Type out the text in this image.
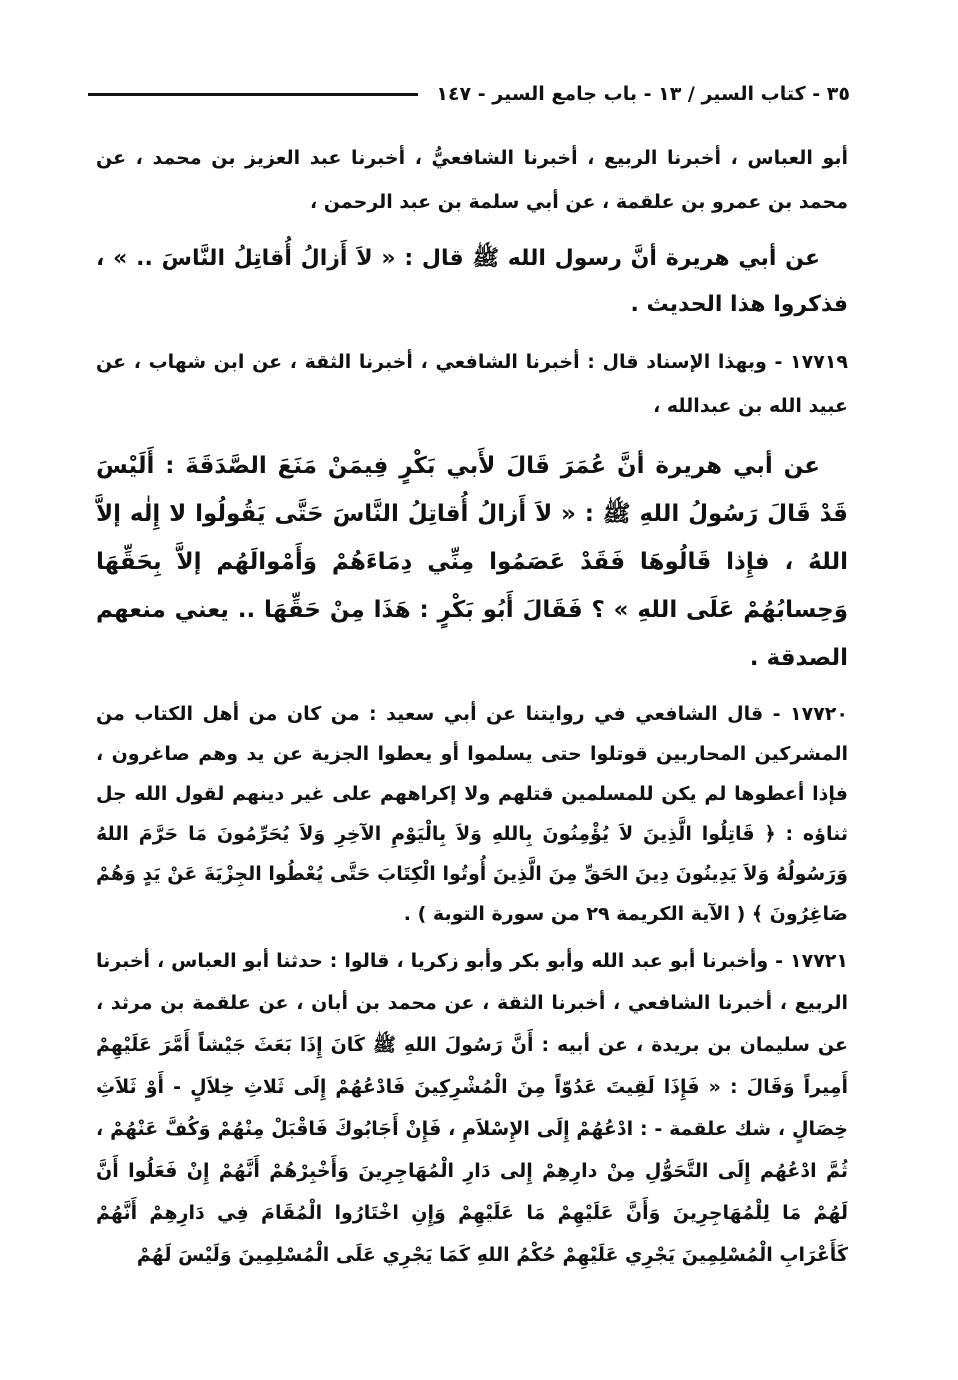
٣٥ - كتاب السير / ١٣ - باب جامع السير - ١٤٧

أبو العباس ، أخبرنا الربيع ، أخبرنا الشافعيُّ ، أخبرنا عبد العزيز بن محمد ، عن محمد بن عمرو بن علقمة ، عن أبي سلمة بن عبد الرحمن ،

عن أبي هريرة أنَّ رسول الله ﷺ قال : « لاَ أَزالُ أُقاتِلُ النَّاسَ .. » ، فذكروا هذا الحديث .

١٧٧١٩ - وبهذا الإسناد قال : أخبرنا الشافعي ، أخبرنا الثقة ، عن ابن شهاب ، عن عبيد الله بن عبدالله ،

عن أبي هريرة أنَّ عُمَرَ قَالَ لأَبي بَكْرٍ فِيمَنْ مَنَعَ الصَّدَقَةَ : أَلَيْسَ قَدْ قَالَ رَسُولُ اللهِ ﷺ : « لاَ أَزالُ أُقاتِلُ النَّاسَ حَتَّى يَقُولُوا لا إِلٰه إلاَّ اللهُ ، فإِذا قَالُوهَا فَقَدْ عَصَمُوا مِنِّي دِمَاءَهُمْ وَأَمْوالَهُم إلاَّ بِحَقِّهَا وَحِسابُهُمْ عَلَى اللهِ » ؟ فَقَالَ أَبُو بَكْرٍ : هَذَا مِنْ حَقِّهَا .. يعني منعهم الصدقة .

١٧٧٢٠ - قال الشافعي في روايتنا عن أبي سعيد : من كان من أهل الكتاب من المشركين المحاربين قوتلوا حتى يسلموا أو يعطوا الجزية عن يد وهم صاغرون ، فإذا أعطوها لم يكن للمسلمين قتلهم ولا إكراههم على غير دينهم لقول الله جل ثناؤه : ﴿ قَاتِلُوا الَّذِينَ لاَ يُؤْمِنُونَ بِاللهِ وَلاَ بِالْيَوْمِ الآخِرِ وَلاَ يُحَرِّمُونَ مَا حَرَّمَ اللهُ وَرَسُولُهُ وَلاَ يَدِينُونَ دِينَ الحَقِّ مِنَ الَّذِينَ أُوتُوا الْكِتَابَ حَتَّى يُعْطُوا الجِزْيَةَ عَنْ يَدٍ وَهُمْ صَاغِرُونَ ﴾ ( الآية الكريمة ٢٩ من سورة التوبة ) .

١٧٧٢١ - وأخبرنا أبو عبد الله وأبو بكر وأبو زكريا ، قالوا : حدثنا أبو العباس ، أخبرنا الربيع ، أخبرنا الشافعي ، أخبرنا الثقة ، عن محمد بن أبان ، عن علقمة بن مرثد ، عن سليمان بن بريدة ، عن أبيه : أَنَّ رَسُولَ اللهِ ﷺ كَانَ إِذَا بَعَثَ جَيْشاً أَمَّرَ عَلَيْهِمْ أَمِيراً وَقَالَ : « فَإِذَا لَقِيتَ عَدُوّاً مِنَ الْمُشْرِكِينَ فَادْعُهُمْ إِلَى ثَلاثِ خِلاَلٍ - أَوْ ثَلاَثِ خِصَالٍ ، شك علقمة - : ادْعُهُمْ إِلَى الإِسْلاَمِ ، فَإِنْ أَجَابُوكَ فَاقْبَلْ مِنْهُمْ وَكُفَّ عَنْهُمْ ، ثُمَّ ادْعُهُم إِلَى التَّحَوُّلِ مِنْ دارِهِمْ إِلى دَارِ الْمُهَاجِرِينَ وَأَخْبِرْهُمْ أَنَّهُمْ إِنْ فَعَلُوا أَنَّ لَهُمْ مَا لِلْمُهَاجِرِينَ وَأَنَّ عَلَيْهِمْ مَا عَلَيْهِمْ وَإِنِ اخْتَارُوا الْمُقَامَ فِي دَارِهِمْ أَنَّهُمْ كَأَعْرَابِ الْمُسْلِمِينَ يَجْرِي عَلَيْهِمْ حُكْمُ اللهِ كَمَا يَجْرِي عَلَى الْمُسْلِمِينَ وَلَيْسَ لَهُمْ
